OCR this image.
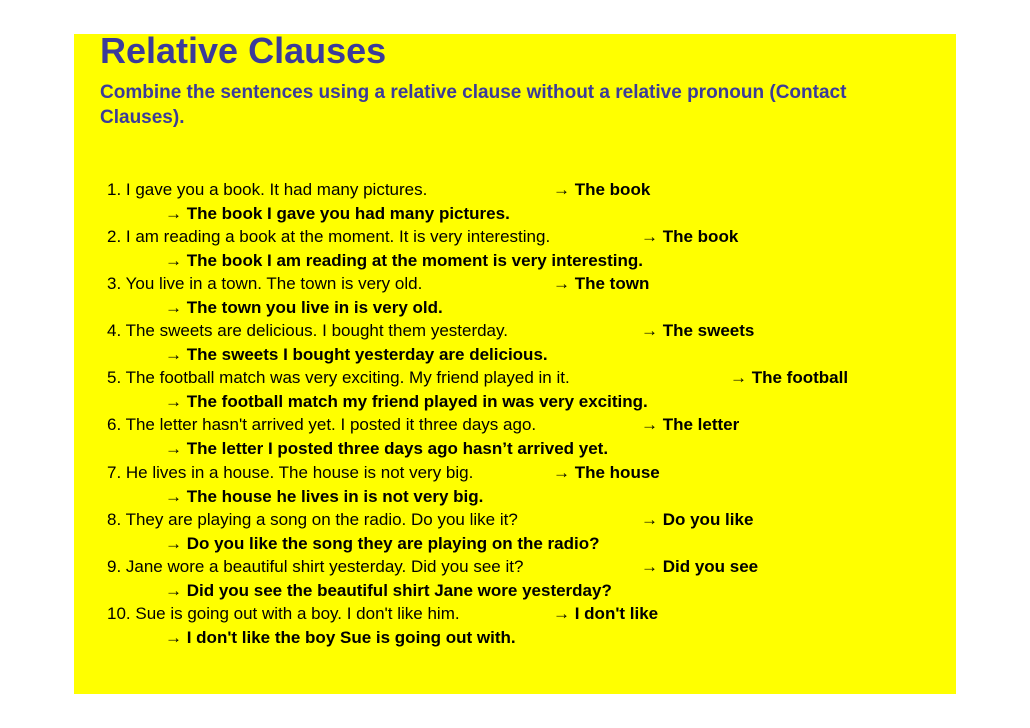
Relative Clauses

Combine the sentences using a relative clause without a relative pronoun (Contact Clauses).

1. I gave you a book. It had many pictures.	→ The book
→ The book I gave you had many pictures.
2. I am reading a book at the moment. It is very interesting.	→ The book
→ The book I am reading at the moment is very interesting.
3. You live in a town. The town is very old.	→ The town
→ The town you live in is very old.
4. The sweets are delicious. I bought them yesterday.	→ The sweets
→ The sweets I bought yesterday are delicious.
5. The football match was very exciting. My friend played in it.	→ The football
→ The football match my friend played in was very exciting.
6. The letter hasn't arrived yet. I posted it three days ago.	→ The letter
→ The letter I posted three days ago hasn’t arrived yet.
7. He lives in a house. The house is not very big.	→ The house
→ The house he lives in is not very big.
8. They are playing a song on the radio. Do you like it?	→ Do you like
→ Do you like the song they are playing on the radio?
9. Jane wore a beautiful shirt yesterday. Did you see it?	→ Did you see
→ Did you see the beautiful shirt Jane wore yesterday?
10. Sue is going out with a boy. I don't like him.	→ I don't like
→ I don't like the boy Sue is going out with.
